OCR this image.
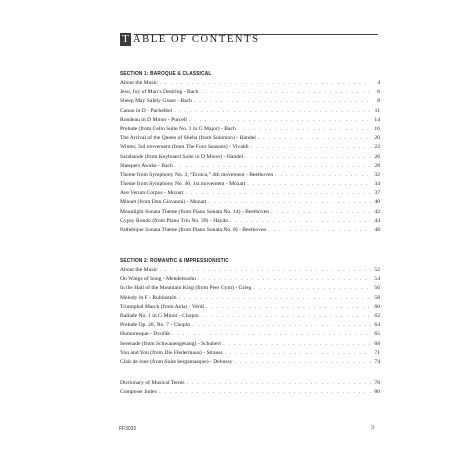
T ABLE OF CONTENTS
SECTION 1: BAROQUE & CLASSICAL
About the Music . . .	4
Jesu, Joy of Man’s Desiring - Bach . . .	6
Sheep May Safely Graze - Bach . . .	8
Canon in D - Pachelbel . . .	11
Rondeau in D Minor - Purcell . . .	14
Prelude (from Cello Suite No. 1 in G Major) - Bach . . .	16
The Arrival of the Queen of Sheba (from Solomon) - Handel . . .	20
Winter, 3rd movement (from The Four Seasons) - Vivaldi . . .	22
Sarabande (from Keyboard Suite in D Minor) - Handel . . .	26
Sheepers Awake - Bach . . .	28
Theme from Symphony No. 3, “Eroica,” 4th movement - Beethoven . . .	32
Theme from Symphony No. 40, 1st movement - Mozart . . .	34
Ave Verum Corpus - Mozart . . .	37
Minuet (from Don Giovanni) - Mozart . . .	40
Moonlight Sonata Theme (from Piano Sonata No. 14) - Beethoven . . .	42
Gypsy Rondo (from Piano Trio No. 39) - Haydn . . .	44
Pathétique Sonata Theme (from Piano Sonata No. 8) - Beethoven . . .	48
SECTION 2: ROMANTIC & IMPRESSIONISTIC
About the Music . . .	52
On Wings of Song - Mendelssohn . . .	54
In the Hall of the Mountain King (from Peer Gynt) - Grieg . . .	56
Melody in F - Rubinstein . . .	58
Triumphal March (from Aida) - Verdi . . .	60
Ballade No. 1 in G Minor - Chopin . . .	62
Prelude Op. 28, No. 7 - Chopin . . .	64
Humoresque - Dvořák . . .	65
Serenade (from Schwanengesang) - Schubert . . .	68
You and You (from Die Fledermaus) - Strauss . . .	71
Clair de lune (from Suite bergamasque) - Debussy . . .	74
Dictionary of Musical Terms . . .	78
Composer Index . . .	80
FF3032	3
